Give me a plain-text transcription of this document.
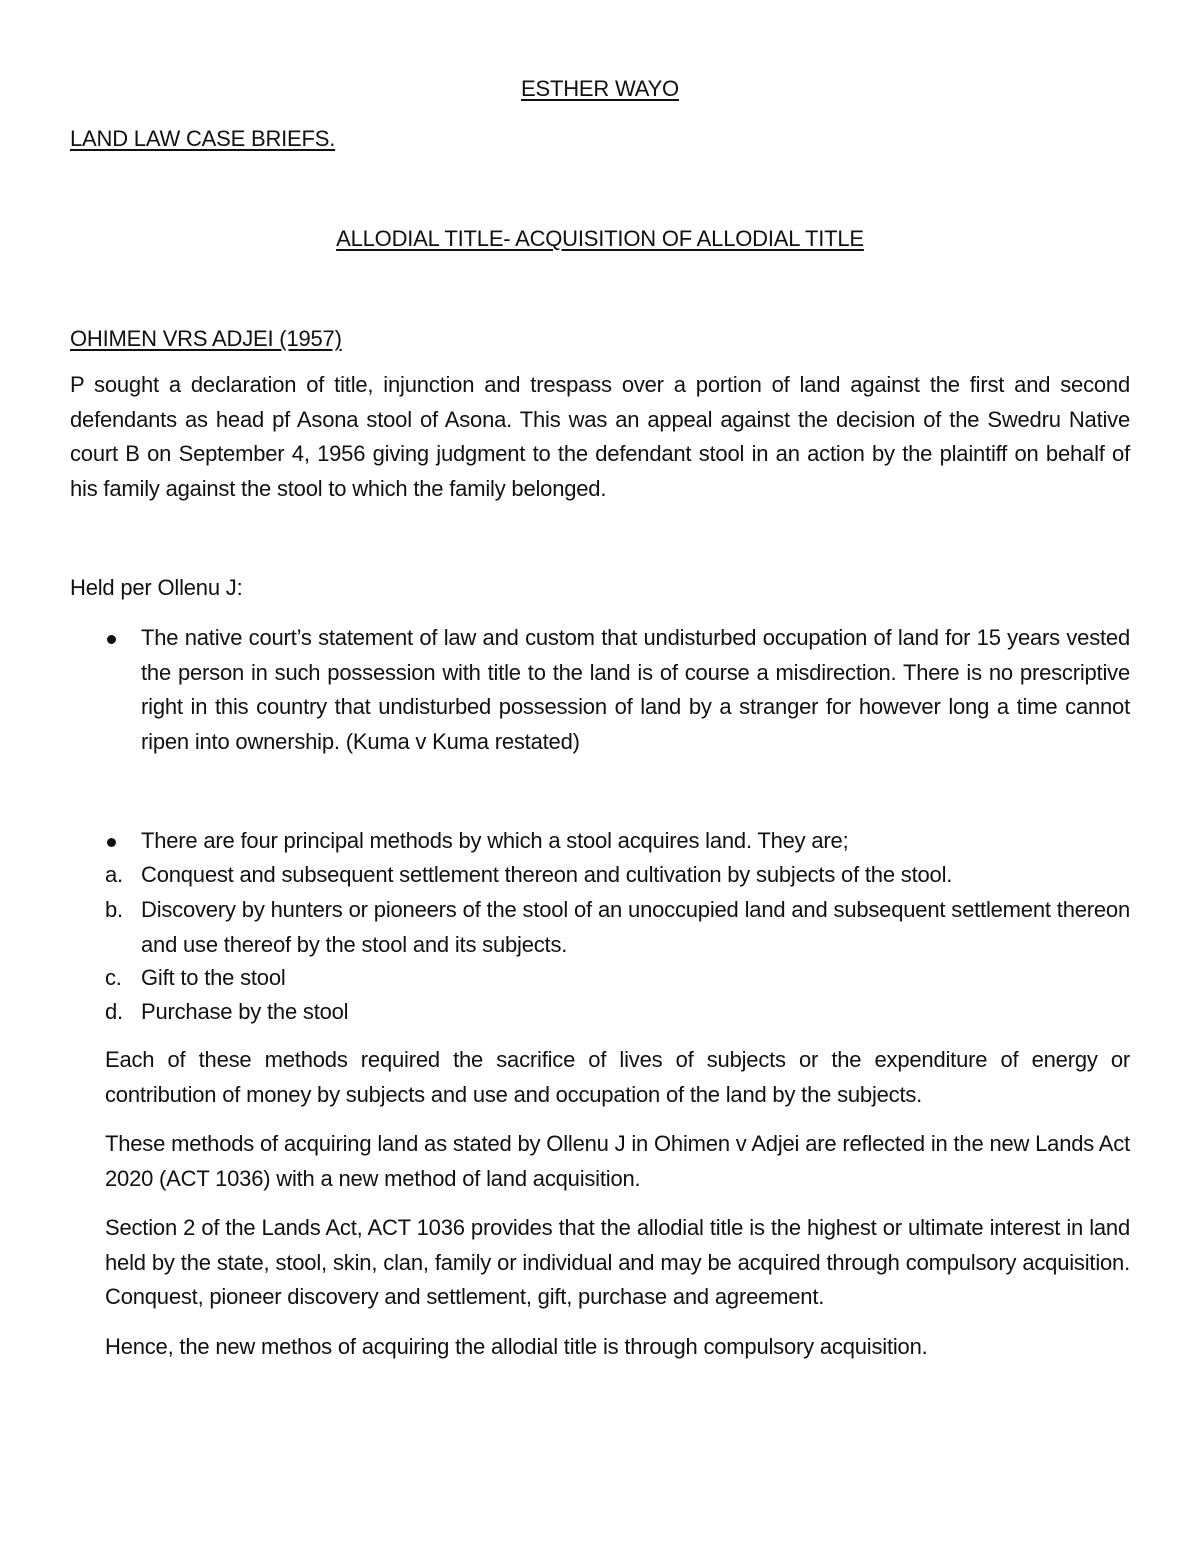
ESTHER WAYO
LAND LAW CASE BRIEFS.
ALLODIAL TITLE- ACQUISITION OF ALLODIAL TITLE
OHIMEN VRS ADJEI (1957)

P sought a declaration of title, injunction and trespass over a portion of land against the first and second defendants as head pf Asona stool of Asona. This was an appeal against the decision of the Swedru Native court B on September 4, 1956 giving judgment to the defendant stool in an action by the plaintiff on behalf of his family against the stool to which the family belonged.

Held per Ollenu J:

The native court’s statement of law and custom that undisturbed occupation of land for 15 years vested the person in such possession with title to the land is of course a misdirection. There is no prescriptive right in this country that undisturbed possession of land by a stranger for however long a time cannot ripen into ownership. (Kuma v Kuma restated)
There are four principal methods by which a stool acquires land. They are;
a. Conquest and subsequent settlement thereon and cultivation by subjects of the stool.
b. Discovery by hunters or pioneers of the stool of an unoccupied land and subsequent settlement thereon and use thereof by the stool and its subjects.
c. Gift to the stool
d. Purchase by the stool

Each of these methods required the sacrifice of lives of subjects or the expenditure of energy or contribution of money by subjects and use and occupation of the land by the subjects.

These methods of acquiring land as stated by Ollenu J in Ohimen v Adjei are reflected in the new Lands Act 2020 (ACT 1036) with a new method of land acquisition.

Section 2 of the Lands Act, ACT 1036 provides that the allodial title is the highest or ultimate interest in land held by the state, stool, skin, clan, family or individual and may be acquired through compulsory acquisition. Conquest, pioneer discovery and settlement, gift, purchase and agreement.

Hence, the new methos of acquiring the allodial title is through compulsory acquisition.
